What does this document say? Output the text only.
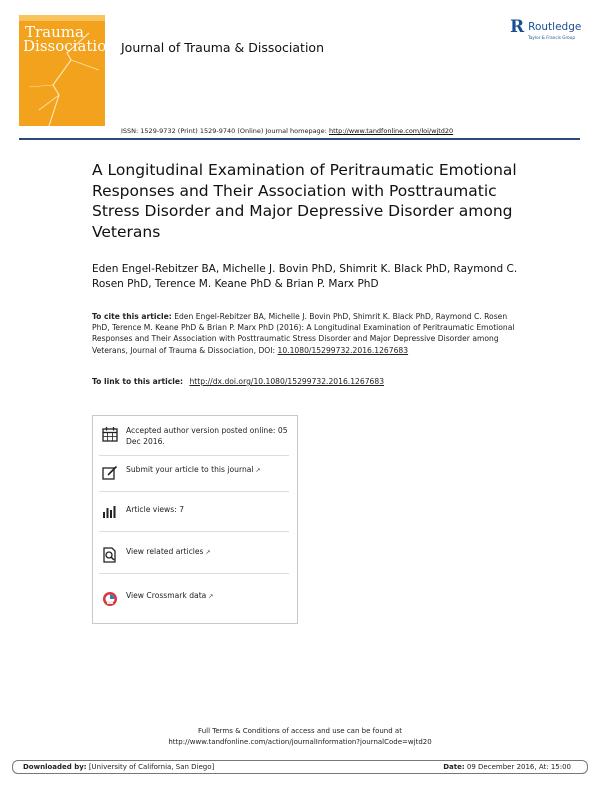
Trauma
Dissociation Journal of Trauma & Dissociation
R Routledge
Taylor & Francis Group
ISSN: 1529-9732 (Print) 1529-9740 (Online) Journal homepage: http://www.tandfonline.com/loi/wjtd20
A Longitudinal Examination of Peritraumatic Emotional Responses and Their Association with Posttraumatic Stress Disorder and Major Depressive Disorder among Veterans
Eden Engel-Rebitzer BA, Michelle J. Bovin PhD, Shimrit K. Black PhD, Raymond C. Rosen PhD, Terence M. Keane PhD & Brian P. Marx PhD
To cite this article: Eden Engel-Rebitzer BA, Michelle J. Bovin PhD, Shimrit K. Black PhD, Raymond C. Rosen PhD, Terence M. Keane PhD & Brian P. Marx PhD (2016): A Longitudinal Examination of Peritraumatic Emotional Responses and Their Association with Posttraumatic Stress Disorder and Major Depressive Disorder among Veterans, Journal of Trauma & Dissociation, DOI: 10.1080/15299732.2016.1267683
To link to this article: http://dx.doi.org/10.1080/15299732.2016.1267683
Accepted author version posted online: 05 Dec 2016.
Submit your article to this journal ↗
Article views: 7
View related articles ↗
View Crossmark data ↗
Full Terms & Conditions of access and use can be found at
http://www.tandfonline.com/action/journalInformation?journalCode=wjtd20
Downloaded by: [University of California, San Diego]	Date: 09 December 2016, At: 15:00
